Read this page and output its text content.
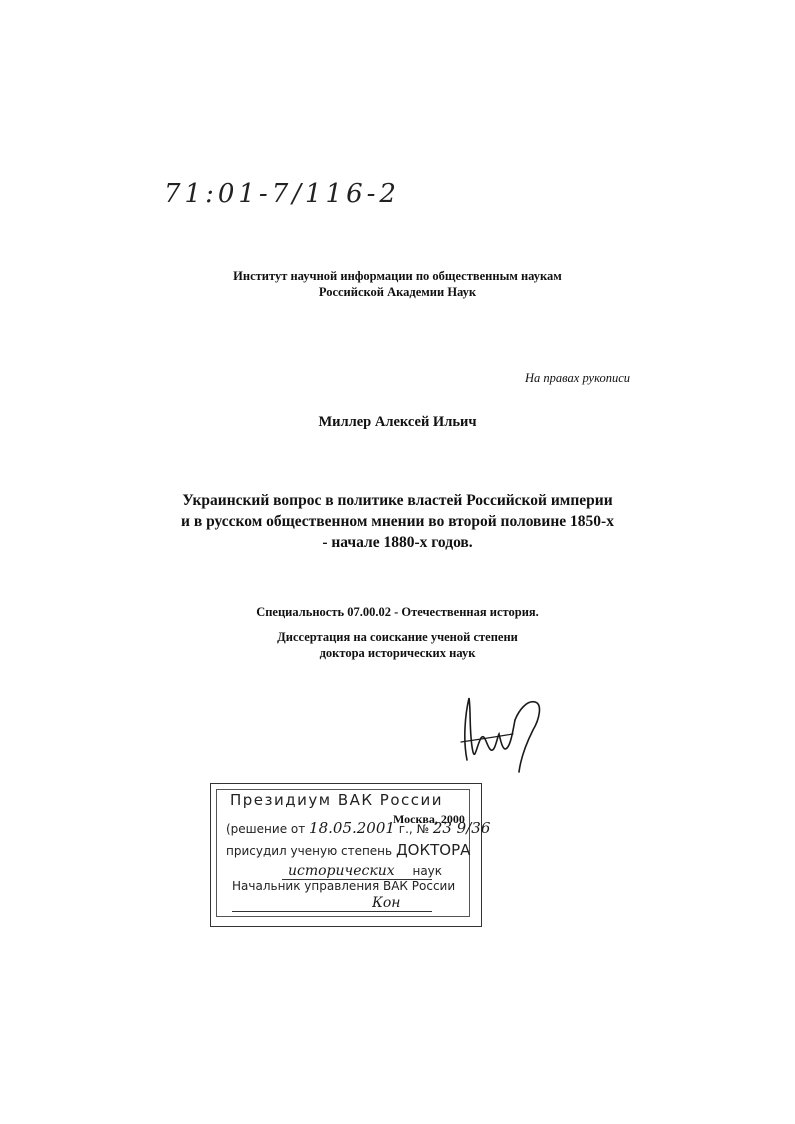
71:01-7/116-2
Институт научной информации по общественным наукам
Российской Академии Наук
На правах рукописи
Миллер Алексей Ильич
Украинский вопрос в политике властей Российской империи
и в русском общественном мнении во второй половине 1850-х
- начале 1880-х годов.
Специальность 07.00.02 - Отечественная история.
Диссертация на соискание ученой степени
доктора исторических наук
Москва, 2000
Президиум ВАК России
(решение от 18.05.2001 г., № 23 9/36
присудил ученую степень ДОКТОРА
исторических наук
Начальник управления ВАК России
Кон
